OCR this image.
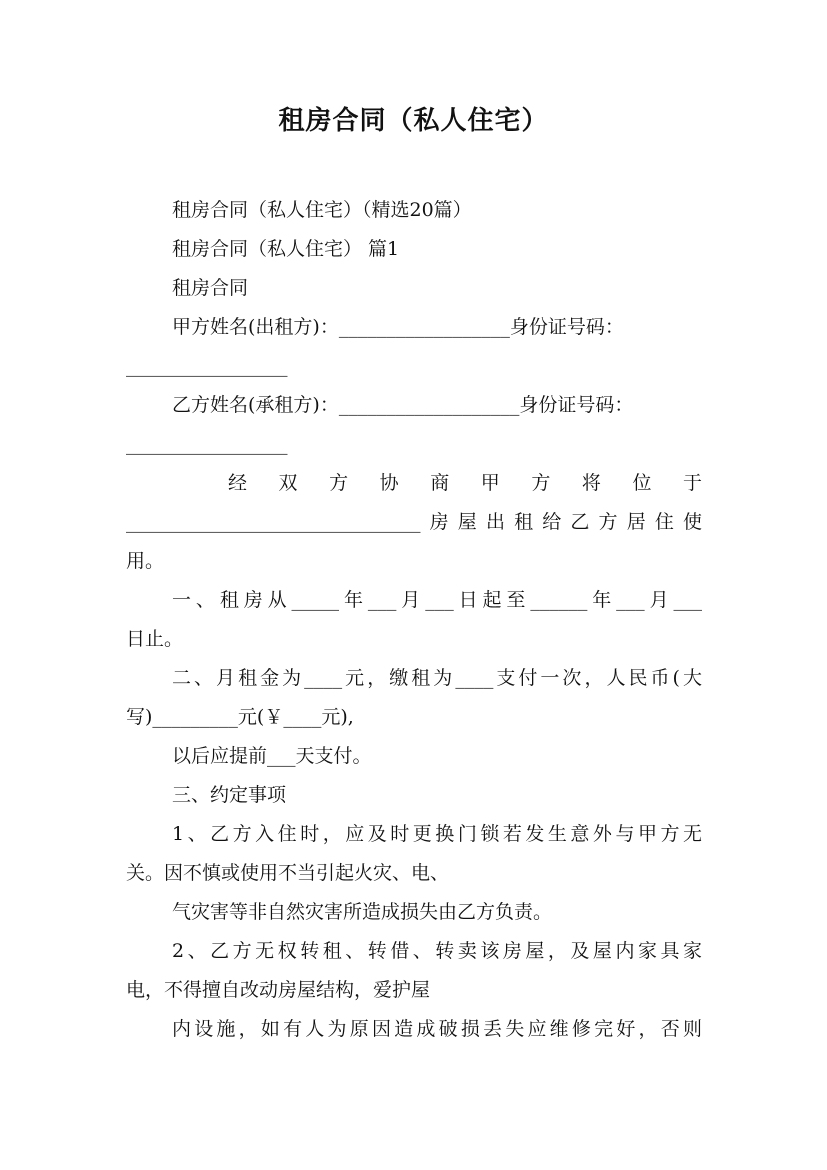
租房合同（私人住宅）
租房合同（私人住宅）（精选20篇）
租房合同（私人住宅） 篇1
租房合同
甲方姓名(出租方)：__________________身份证号码：
_________________
乙方姓名(承租方)：___________________身份证号码：
_________________
经 双 方 协 商 甲 方 将 位 于
_______________________________房屋出租给乙方居住使
用。
一、租房从_____年___月___日起至______年___月___
日止。
二、月租金为____元，缴租为____支付一次，人民币(大
写)_________元(￥____元),
以后应提前___天支付。
三、约定事项
1、乙方入住时，应及时更换门锁若发生意外与甲方无
关。因不慎或使用不当引起火灾、电、
气灾害等非自然灾害所造成损失由乙方负责。
2、乙方无权转租、转借、转卖该房屋，及屋内家具家
电，不得擅自改动房屋结构，爱护屋
内设施，如有人为原因造成破损丢失应维修完好，否则
